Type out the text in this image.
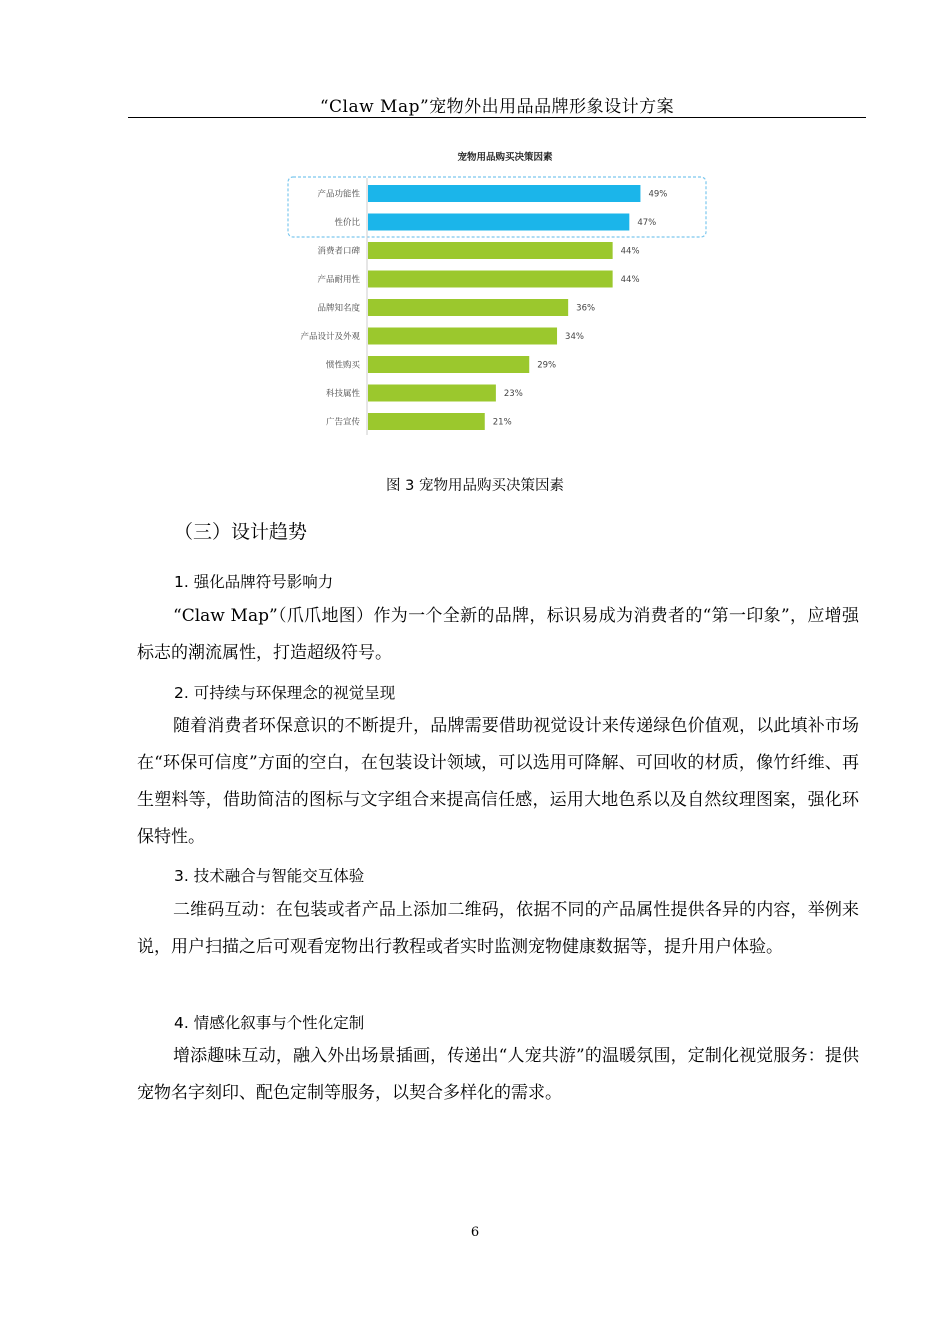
“Claw Map”宠物外出用品品牌形象设计方案
宠物用品购买决策因素
产品功能性	49%
性价比	47%
消费者口碑	44%
产品耐用性	44%
品牌知名度	36%
产品设计及外观	34%
惯性购买	29%
科技属性	23%
广告宣传	21%
图 3 宠物用品购买决策因素
（三）设计趋势
1. 强化品牌符号影响力

“Claw Map”（爪爪地图）作为一个全新的品牌，标识易成为消费者的“第一印象”，应增强标志的潮流属性，打造超级符号。

2. 可持续与环保理念的视觉呈现

随着消费者环保意识的不断提升，品牌需要借助视觉设计来传递绿色价值观，以此填补市场在“环保可信度”方面的空白，在包装设计领域，可以选用可降解、可回收的材质，像竹纤维、再生塑料等，借助简洁的图标与文字组合来提高信任感，运用大地色系以及自然纹理图案，强化环保特性。

3. 技术融合与智能交互体验

二维码互动：在包装或者产品上添加二维码，依据不同的产品属性提供各异的内容，举例来说，用户扫描之后可观看宠物出行教程或者实时监测宠物健康数据等，提升用户体验。

4. 情感化叙事与个性化定制

增添趣味互动，融入外出场景插画，传递出“人宠共游”的温暖氛围，定制化视觉服务：提供宠物名字刻印、配色定制等服务，以契合多样化的需求。

6
